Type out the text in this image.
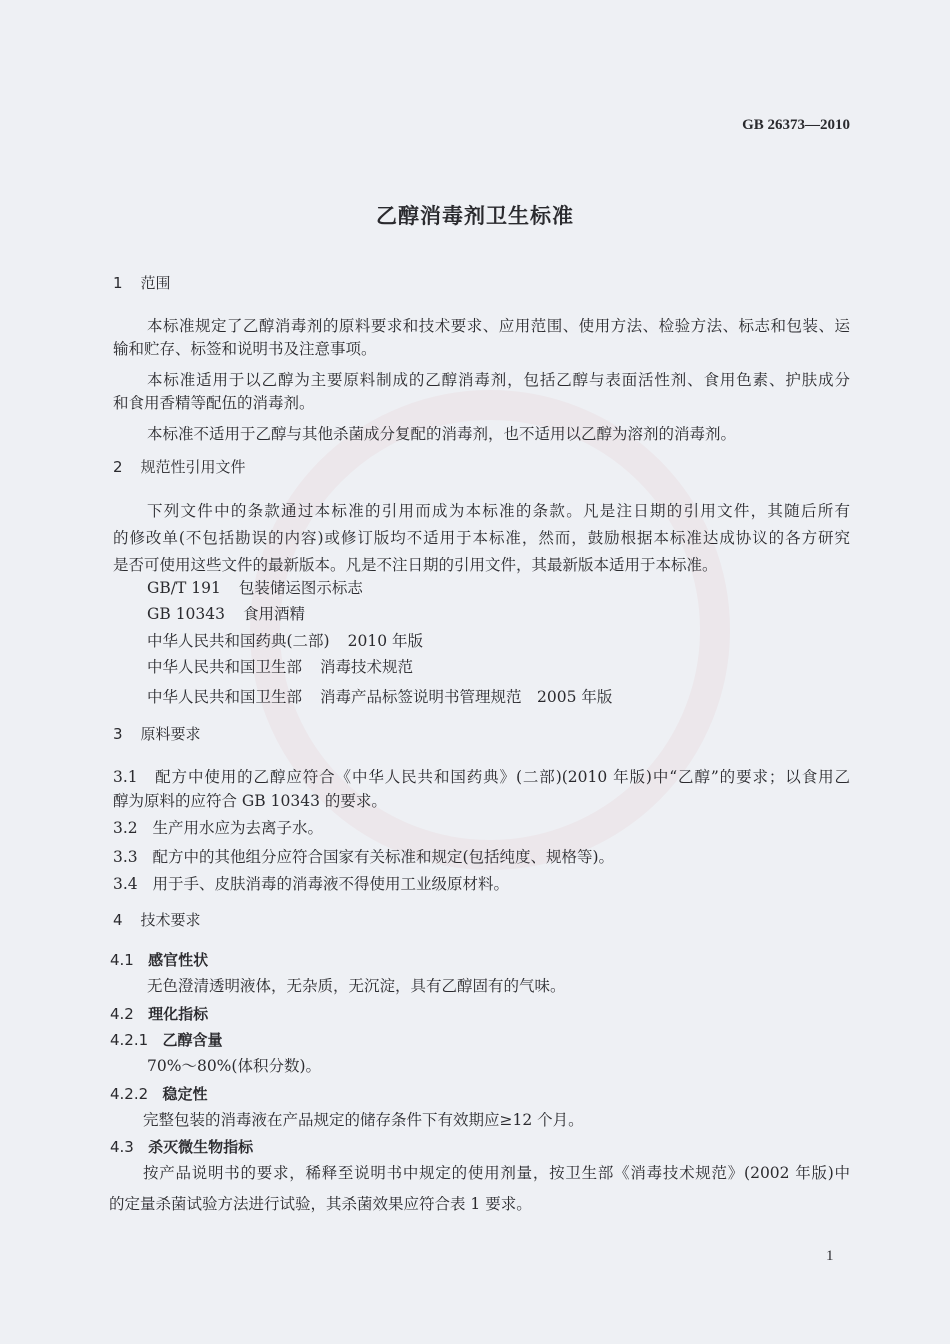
GB 26373—2010
乙醇消毒剂卫生标准
1 范围
本标准规定了乙醇消毒剂的原料要求和技术要求、应用范围、使用方法、检验方法、标志和包装、运
输和贮存、标签和说明书及注意事项。
本标准适用于以乙醇为主要原料制成的乙醇消毒剂，包括乙醇与表面活性剂、食用色素、护肤成分
和食用香精等配伍的消毒剂。
本标准不适用于乙醇与其他杀菌成分复配的消毒剂，也不适用以乙醇为溶剂的消毒剂。
2 规范性引用文件
下列文件中的条款通过本标准的引用而成为本标准的条款。凡是注日期的引用文件，其随后所有
的修改单(不包括勘误的内容)或修订版均不适用于本标准，然而，鼓励根据本标准达成协议的各方研究
是否可使用这些文件的最新版本。凡是不注日期的引用文件，其最新版本适用于本标准。
GB/T 191 包装储运图示标志
GB 10343 食用酒精
中华人民共和国药典(二部) 2010 年版
中华人民共和国卫生部 消毒技术规范
中华人民共和国卫生部 消毒产品标签说明书管理规范　2005 年版
3 原料要求
3.1 配方中使用的乙醇应符合《中华人民共和国药典》(二部)(2010 年版)中“乙醇”的要求；以食用乙
醇为原料的应符合 GB 10343 的要求。
3.2 生产用水应为去离子水。
3.3 配方中的其他组分应符合国家有关标准和规定(包括纯度、规格等)。
3.4 用于手、皮肤消毒的消毒液不得使用工业级原材料。
4 技术要求
4.1 感官性状
无色澄清透明液体，无杂质，无沉淀，具有乙醇固有的气味。
4.2 理化指标
4.2.1 乙醇含量
70%～80%(体积分数)。
4.2.2 稳定性
完整包装的消毒液在产品规定的储存条件下有效期应≥12 个月。
4.3 杀灭微生物指标
按产品说明书的要求，稀释至说明书中规定的使用剂量，按卫生部《消毒技术规范》(2002 年版)中
的定量杀菌试验方法进行试验，其杀菌效果应符合表 1 要求。
1
